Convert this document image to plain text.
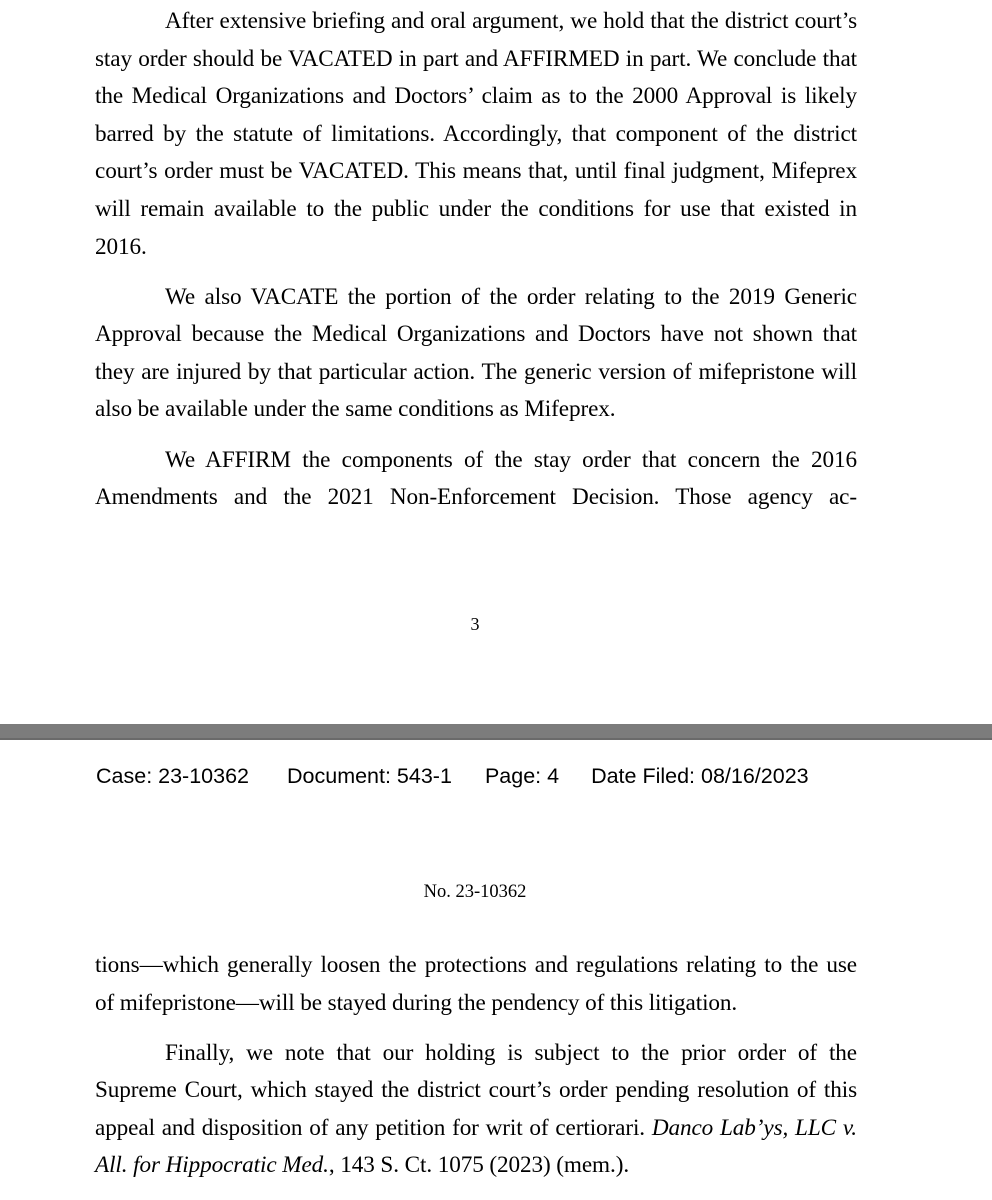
After extensive briefing and oral argument, we hold that the district court’s stay order should be VACATED in part and AFFIRMED in part. We conclude that the Medical Organizations and Doctors’ claim as to the 2000 Approval is likely barred by the statute of limitations. Accordingly, that component of the district court’s order must be VACATED. This means that, until final judgment, Mifeprex will remain available to the public under the conditions for use that existed in 2016.

We also VACATE the portion of the order relating to the 2019 Generic Approval because the Medical Organizations and Doctors have not shown that they are injured by that particular action. The generic version of mifepristone will also be available under the same conditions as Mifeprex.

We AFFIRM the components of the stay order that concern the 2016 Amendments and the 2021 Non-Enforcement Decision. Those agency ac-

3
Case: 23-10362 Document: 543-1 Page: 4 Date Filed: 08/16/2023
No. 23-10362

tions—which generally loosen the protections and regulations relating to the use of mifepristone—will be stayed during the pendency of this litigation.

Finally, we note that our holding is subject to the prior order of the Supreme Court, which stayed the district court’s order pending resolution of this appeal and disposition of any petition for writ of certiorari. Danco Lab’ys, LLC v. All. for Hippocratic Med., 143 S. Ct. 1075 (2023) (mem.).
